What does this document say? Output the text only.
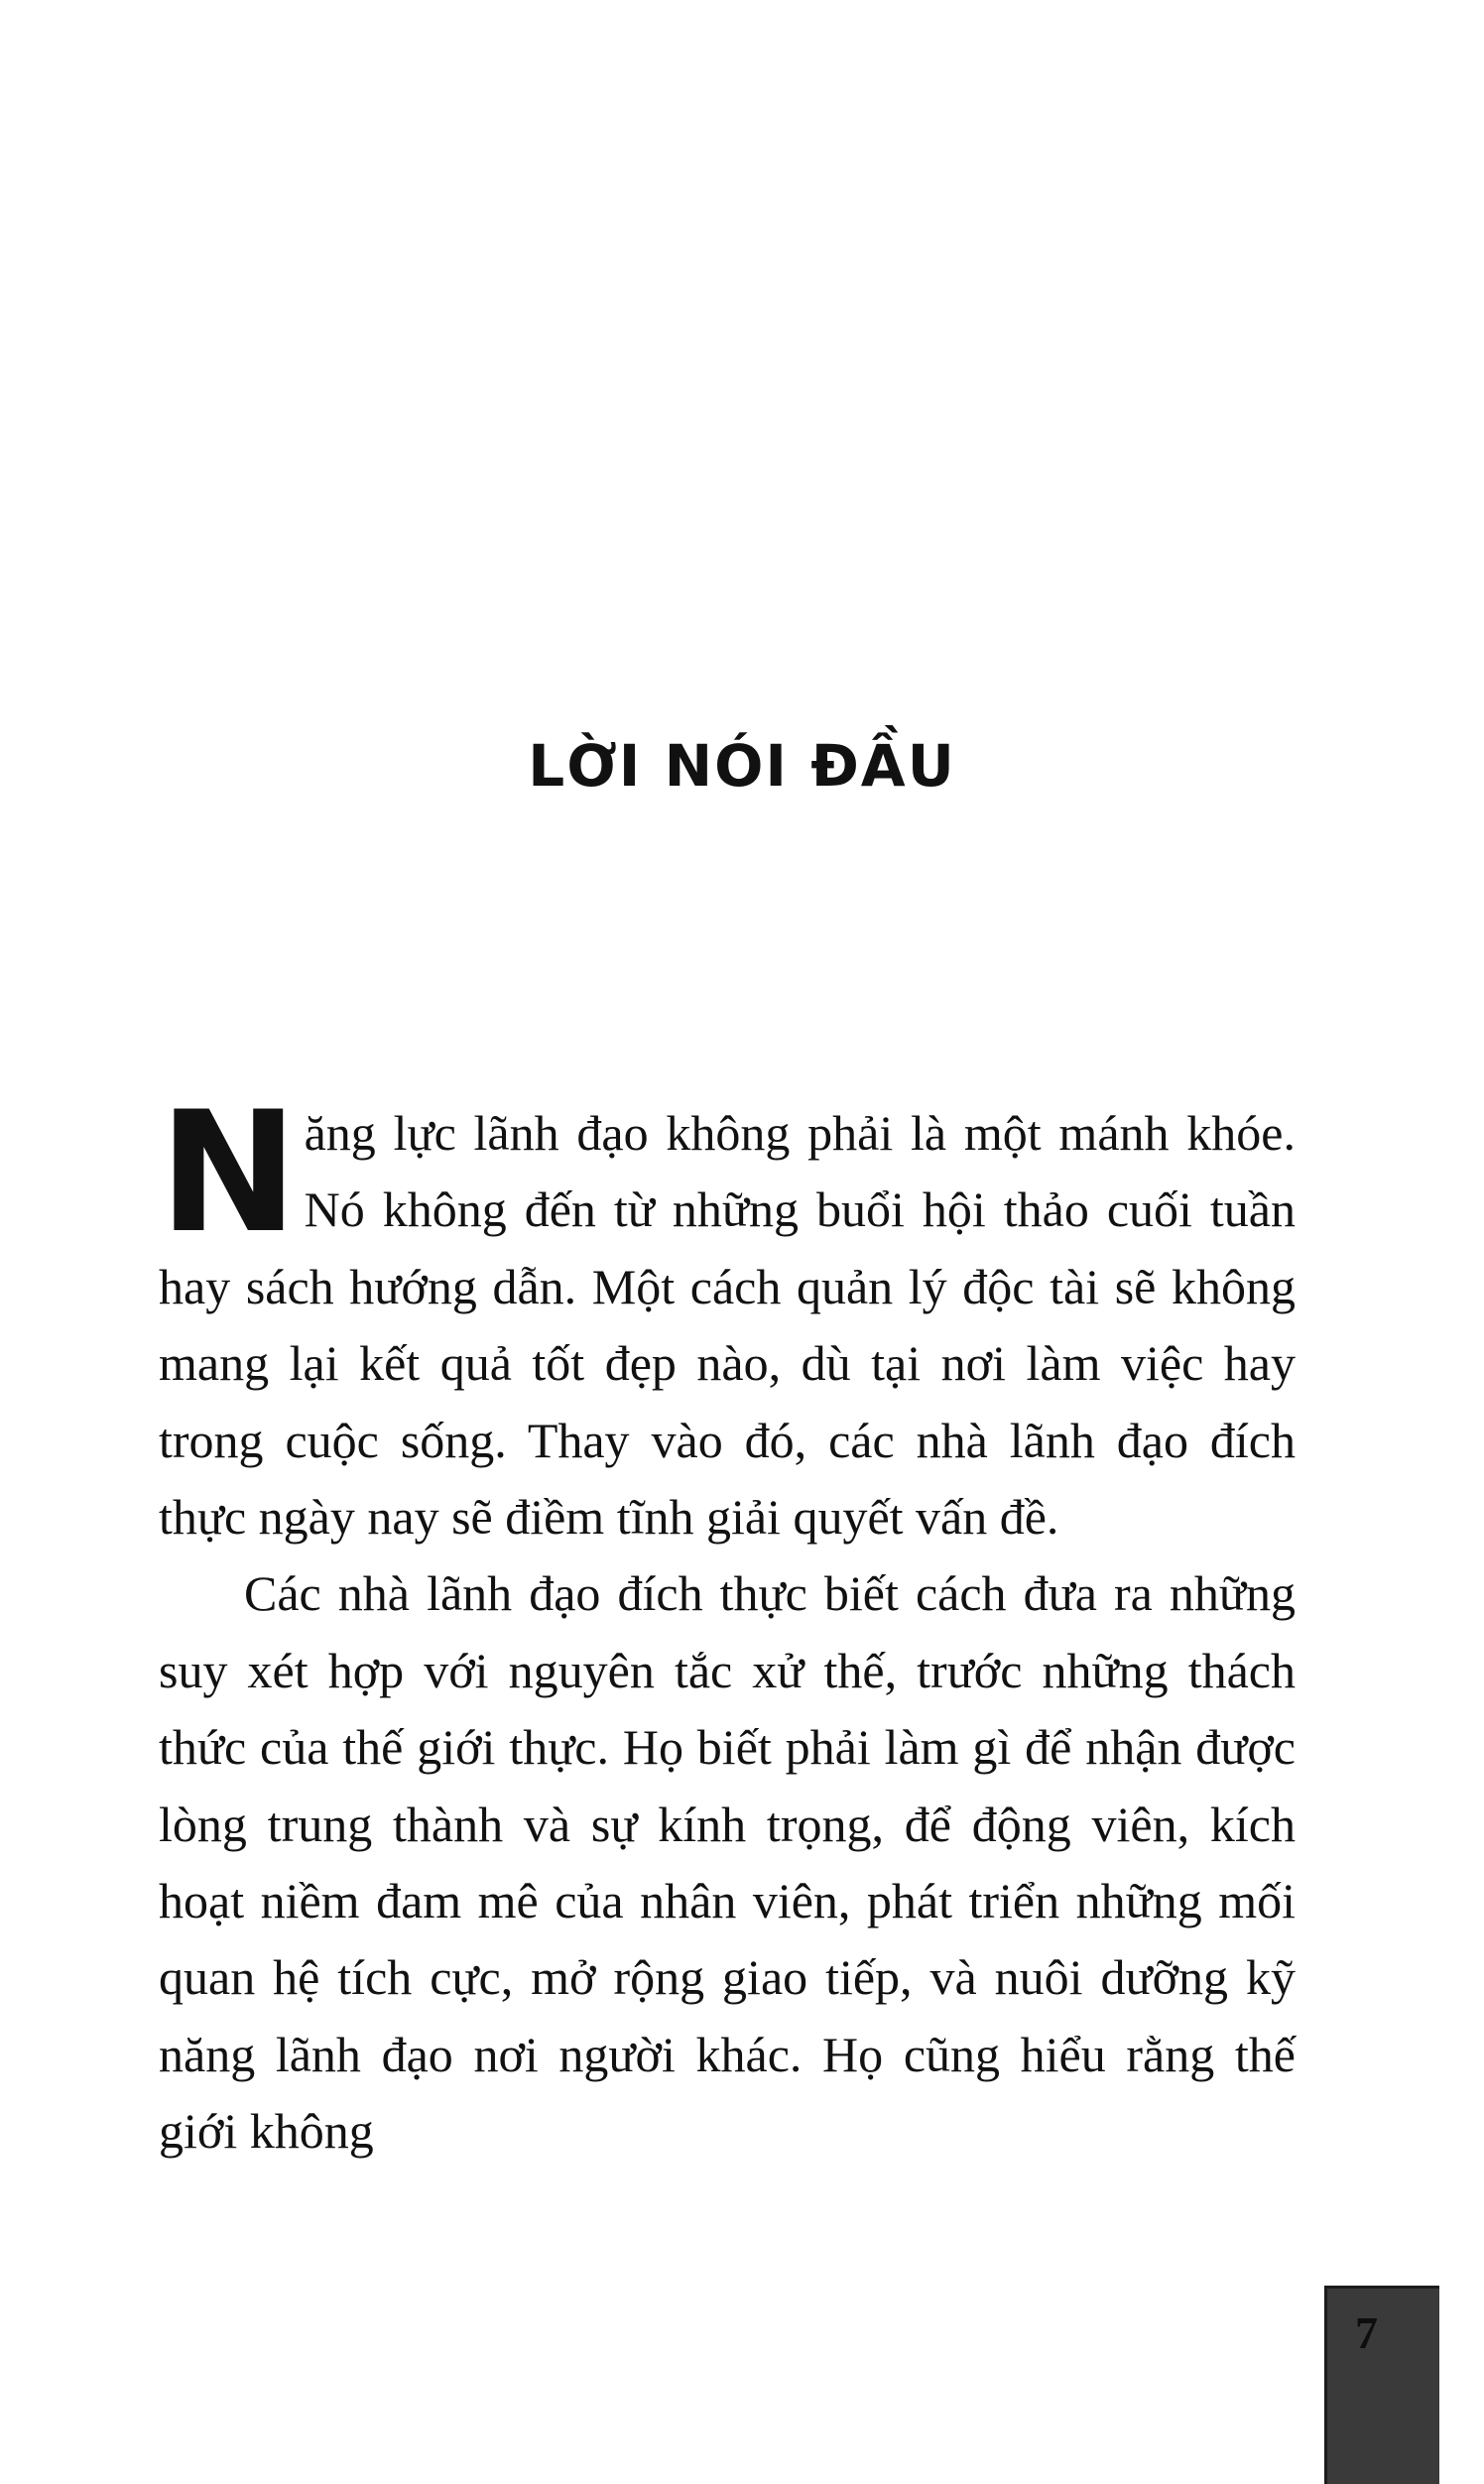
LỜI NÓI ĐẦU

Năng lực lãnh đạo không phải là một mánh khóe. Nó không đến từ những buổi hội thảo cuối tuần hay sách hướng dẫn. Một cách quản lý độc tài sẽ không mang lại kết quả tốt đẹp nào, dù tại nơi làm việc hay trong cuộc sống. Thay vào đó, các nhà lãnh đạo đích thực ngày nay sẽ điềm tĩnh giải quyết vấn đề.

Các nhà lãnh đạo đích thực biết cách đưa ra những suy xét hợp với nguyên tắc xử thế, trước những thách thức của thế giới thực. Họ biết phải làm gì để nhận được lòng trung thành và sự kính trọng, để động viên, kích hoạt niềm đam mê của nhân viên, phát triển những mối quan hệ tích cực, mở rộng giao tiếp, và nuôi dưỡng kỹ năng lãnh đạo nơi người khác. Họ cũng hiểu rằng thế giới không

7
